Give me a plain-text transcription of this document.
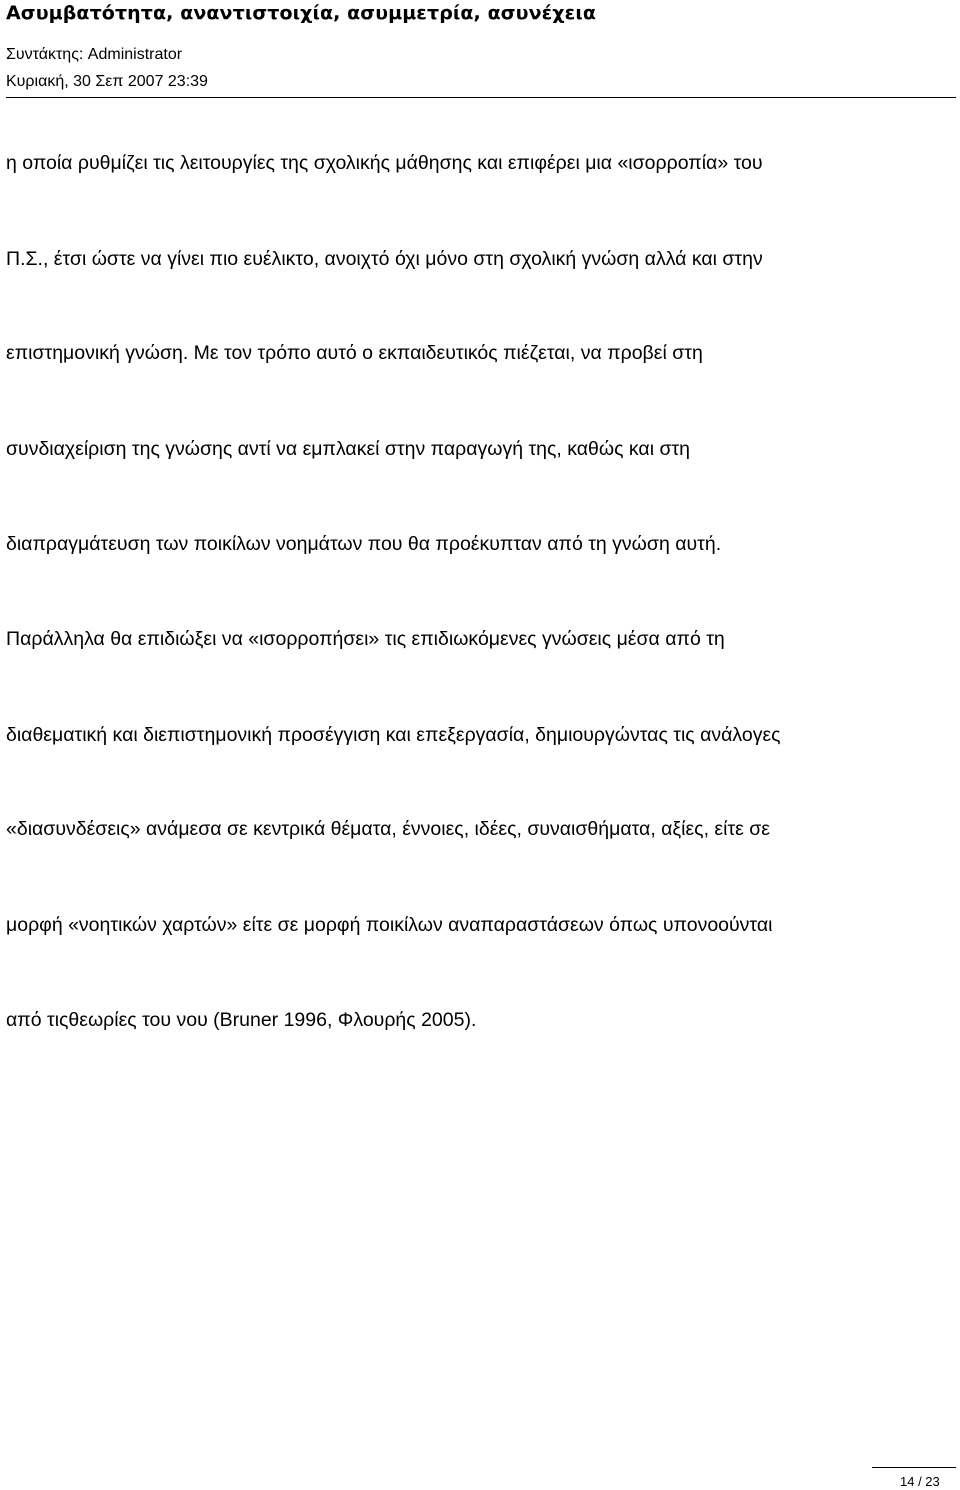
Ασυμβατότητα, αναντιστοιχία, ασυμμετρία, ασυνέχεια
Συντάκτης: Administrator
Κυριακή, 30 Σεπ 2007 23:39
η οποία ρυθμίζει τις λειτουργίες της σχολικής μάθησης και επιφέρει μια «ισορροπία» του
Π.Σ., έτσι ώστε να γίνει πιο ευέλικτο, ανοιχτό όχι μόνο στη σχολική γνώση αλλά και στην
επιστημονική γνώση. Με τον τρόπο αυτό ο εκπαιδευτικός πιέζεται, να προβεί στη
συνδιαχείριση της γνώσης αντί να εμπλακεί στην παραγωγή της, καθώς και στη
διαπραγμάτευση των ποικίλων νοημάτων που θα προέκυπταν από τη γνώση αυτή.
Παράλληλα θα επιδιώξει να «ισορροπήσει» τις επιδιωκόμενες γνώσεις μέσα από τη
διαθεματική και διεπιστημονική προσέγγιση και επεξεργασία, δημιουργώντας τις ανάλογες
«διασυνδέσεις» ανάμεσα σε κεντρικά θέματα, έννοιες, ιδέες, συναισθήματα, αξίες, είτε σε
μορφή «νοητικών χαρτών» είτε σε μορφή ποικίλων αναπαραστάσεων όπως υπονοούνται
από τιςθεωρίες του νου (Bruner 1996, Φλουρής 2005).
14 / 23
